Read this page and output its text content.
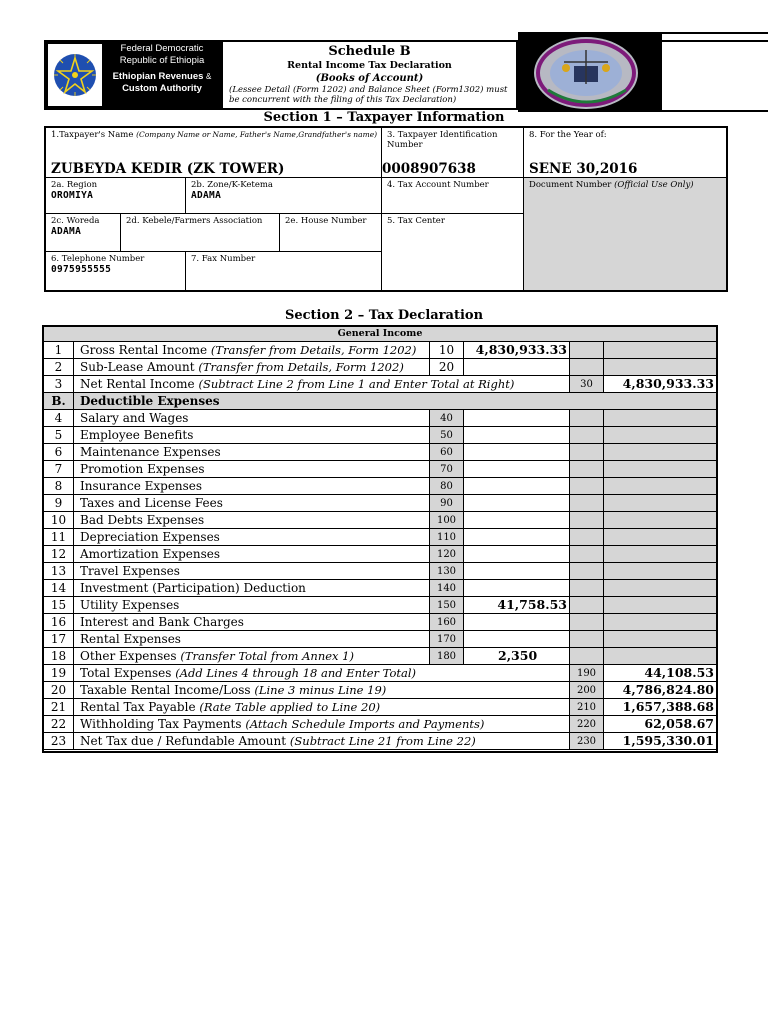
Federal Democratic
Republic of Ethiopia
Ethiopian Revenues &
Custom Authority
Schedule B
Rental Income Tax Declaration
(Books of Account)
(Lessee Detail (Form 1202) and Balance Sheet (Form1302) must be concurrent with the filing of this Tax Declaration)
Section 1 – Taxpayer Information
1.Taxpayer's Name (Company Name or Name, Father's Name,Grandfather's name)
ZUBEYDA KEDIR (ZK TOWER)
3. Taxpayer Identification Number
0008907638
8. For the Year of:
SENE 30,2016
2a. Region
OROMIYA
2b. Zone/K-Ketema
ADAMA
4. Tax Account Number	Document Number (Official Use Only)
2c. Woreda
ADAMA
2d. Kebele/Farmers Association	2e. House Number	5. Tax Center
6. Telephone Number
0975955555
7. Fax Number
Section 2 – Tax Declaration
General Income
1	Gross Rental Income (Transfer from Details, Form 1202)	10	4,830,933.33
2	Sub-Lease Amount (Transfer from Details, Form 1202)	20
3	Net Rental Income (Subtract Line 2 from Line 1 and Enter Total at Right)	30	4,830,933.33
B.	Deductible Expenses
4	Salary and Wages	40
5	Employee Benefits	50
6	Maintenance Expenses	60
7	Promotion Expenses	70
8	Insurance Expenses	80
9	Taxes and License Fees	90
10	Bad Debts Expenses	100
11	Depreciation Expenses	110
12	Amortization Expenses	120
13	Travel Expenses	130
14	Investment (Participation) Deduction	140
15	Utility Expenses	150	41,758.53
16	Interest and Bank Charges	160
17	Rental Expenses	170
18	Other Expenses (Transfer Total from Annex 1)	180	2,350
19	Total Expenses (Add Lines 4 through 18 and Enter Total)	190	44,108.53
20	Taxable Rental Income/Loss (Line 3 minus Line 19)	200	4,786,824.80
21	Rental Tax Payable (Rate Table applied to Line 20)	210	1,657,388.68
22	Withholding Tax Payments (Attach Schedule Imports and Payments)	220	62,058.67
23	Net Tax due / Refundable Amount (Subtract Line 21 from Line 22)	230	1,595,330.01
